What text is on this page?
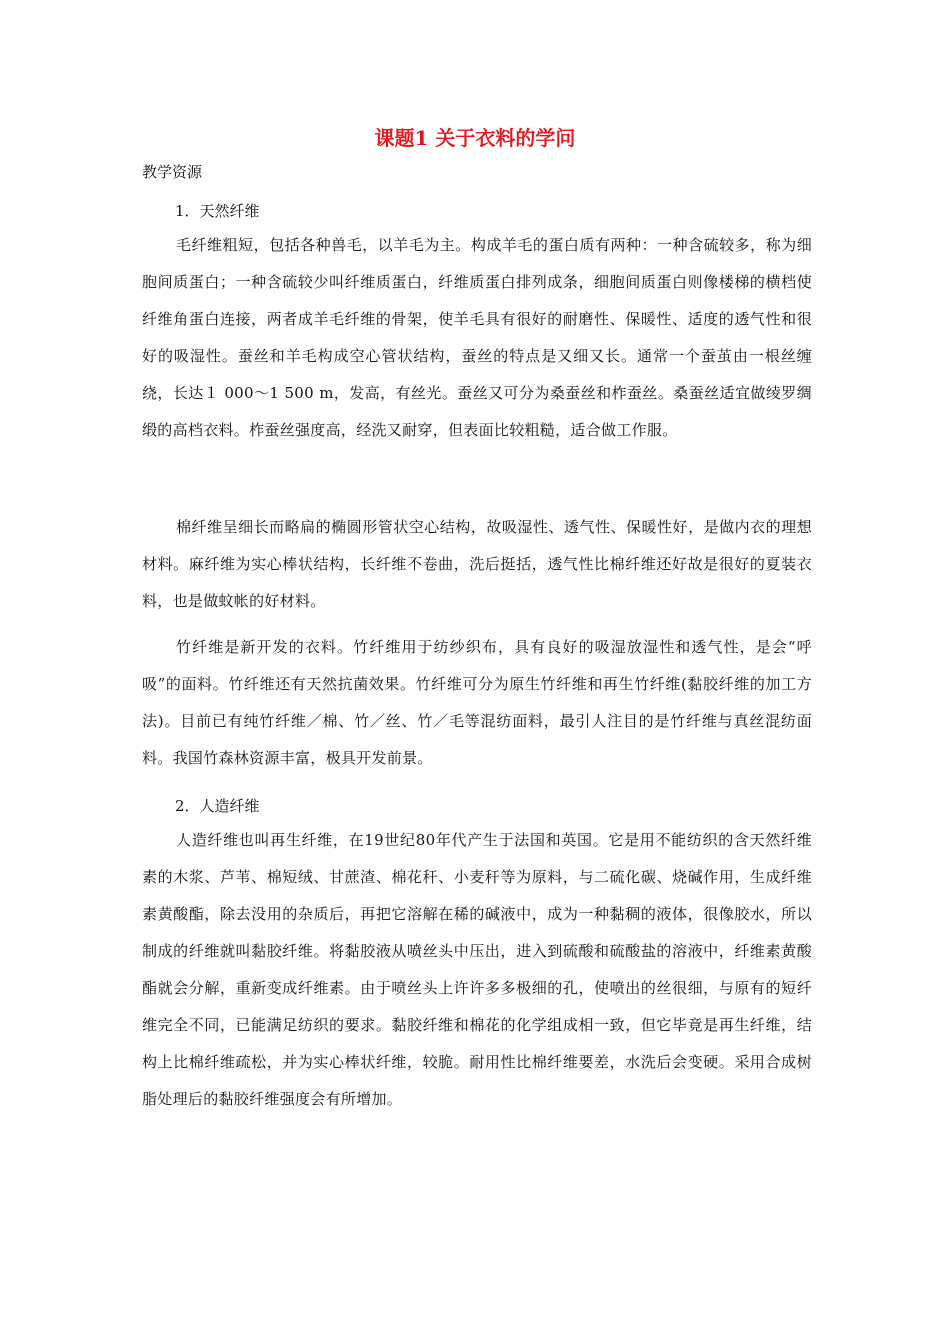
课题1 关于衣料的学问

教学资源

1．天然纤维

毛纤维粗短，包括各种兽毛，以羊毛为主。构成羊毛的蛋白质有两种：一种含硫较多，称为细胞间质蛋白；一种含硫较少叫纤维质蛋白，纤维质蛋白排列成条，细胞间质蛋白则像楼梯的横档使纤维角蛋白连接，两者成羊毛纤维的骨架，使羊毛具有很好的耐磨性、保暖性、适度的透气性和很好的吸湿性。蚕丝和羊毛构成空心管状结构，蚕丝的特点是又细又长。通常一个蚕茧由一根丝缠绕，长达１ 000～1 500 m，发高，有丝光。蚕丝又可分为桑蚕丝和柞蚕丝。桑蚕丝适宜做绫罗绸缎的高档衣料。柞蚕丝强度高，经洗又耐穿，但表面比较粗糙，适合做工作服。

棉纤维呈细长而略扁的椭圆形管状空心结构，故吸湿性、透气性、保暖性好，是做内衣的理想材料。麻纤维为实心棒状结构，长纤维不卷曲，洗后挺括，透气性比棉纤维还好故是很好的夏装衣料，也是做蚊帐的好材料。

竹纤维是新开发的衣料。竹纤维用于纺纱织布，具有良好的吸湿放湿性和透气性，是会“呼吸”的面料。竹纤维还有天然抗菌效果。竹纤维可分为原生竹纤维和再生竹纤维(黏胶纤维的加工方法)。目前已有纯竹纤维／棉、竹／丝、竹／毛等混纺面料，最引人注目的是竹纤维与真丝混纺面料。我国竹森林资源丰富，极具开发前景。

2．人造纤维

人造纤维也叫再生纤维，在19世纪80年代产生于法国和英国。它是用不能纺织的含天然纤维素的木浆、芦苇、棉短绒、甘蔗渣、棉花秆、小麦秆等为原料，与二硫化碳、烧碱作用，生成纤维素黄酸酯，除去没用的杂质后，再把它溶解在稀的碱液中，成为一种黏稠的液体，很像胶水，所以制成的纤维就叫黏胶纤维。将黏胶液从喷丝头中压出，进入到硫酸和硫酸盐的溶液中，纤维素黄酸酯就会分解，重新变成纤维素。由于喷丝头上许许多多极细的孔，使喷出的丝很细，与原有的短纤维完全不同，已能满足纺织的要求。黏胶纤维和棉花的化学组成相一致，但它毕竟是再生纤维，结构上比棉纤维疏松，并为实心棒状纤维，较脆。耐用性比棉纤维要差，水洗后会变硬。采用合成树脂处理后的黏胶纤维强度会有所增加。
